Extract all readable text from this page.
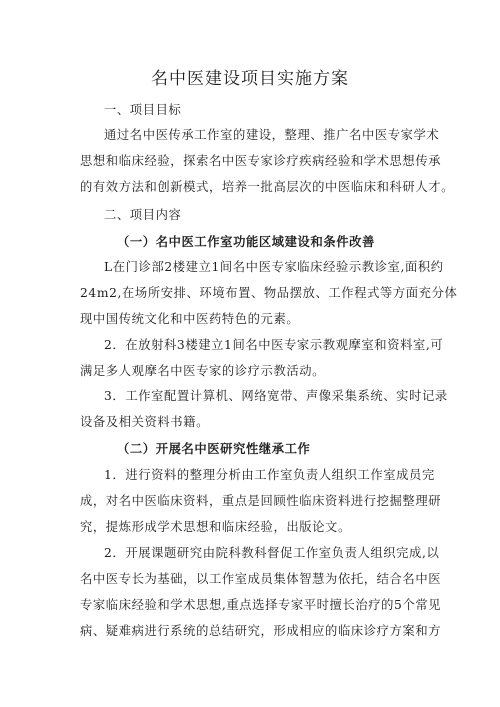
名中医建设项目实施方案
一、项目目标
通过名中医传承工作室的建设，整理、推广名中医专家学术
思想和临床经验，探索名中医专家诊疗疾病经验和学术思想传承
的有效方法和创新模式，培养一批高层次的中医临床和科研人才。
二、项目内容
（一）名中医工作室功能区域建设和条件改善
L在门诊部2楼建立1间名中医专家临床经验示教诊室,面积约
24m2,在场所安排、环境布置、物品摆放、工作程式等方面充分体
现中国传统文化和中医药特色的元素。
2．在放射科3楼建立1间名中医专家示教观摩室和资料室,可
满足多人观摩名中医专家的诊疗示教活动。
3．工作室配置计算机、网络宽带、声像采集系统、实时记录
设备及相关资料书籍。
（二）开展名中医研究性继承工作
1．进行资料的整理分析由工作室负责人组织工作室成员完
成，对名中医临床资料，重点是回顾性临床资料进行挖掘整理研
究，提炼形成学术思想和临床经验，出版论文。
2．开展课题研究由院科教科督促工作室负责人组织完成,以
名中医专长为基础，以工作室成员集体智慧为依托，结合名中医
专家临床经验和学术思想,重点选择专家平时擅长治疗的5个常见
病、疑难病进行系统的总结研究，形成相应的临床诊疗方案和方
